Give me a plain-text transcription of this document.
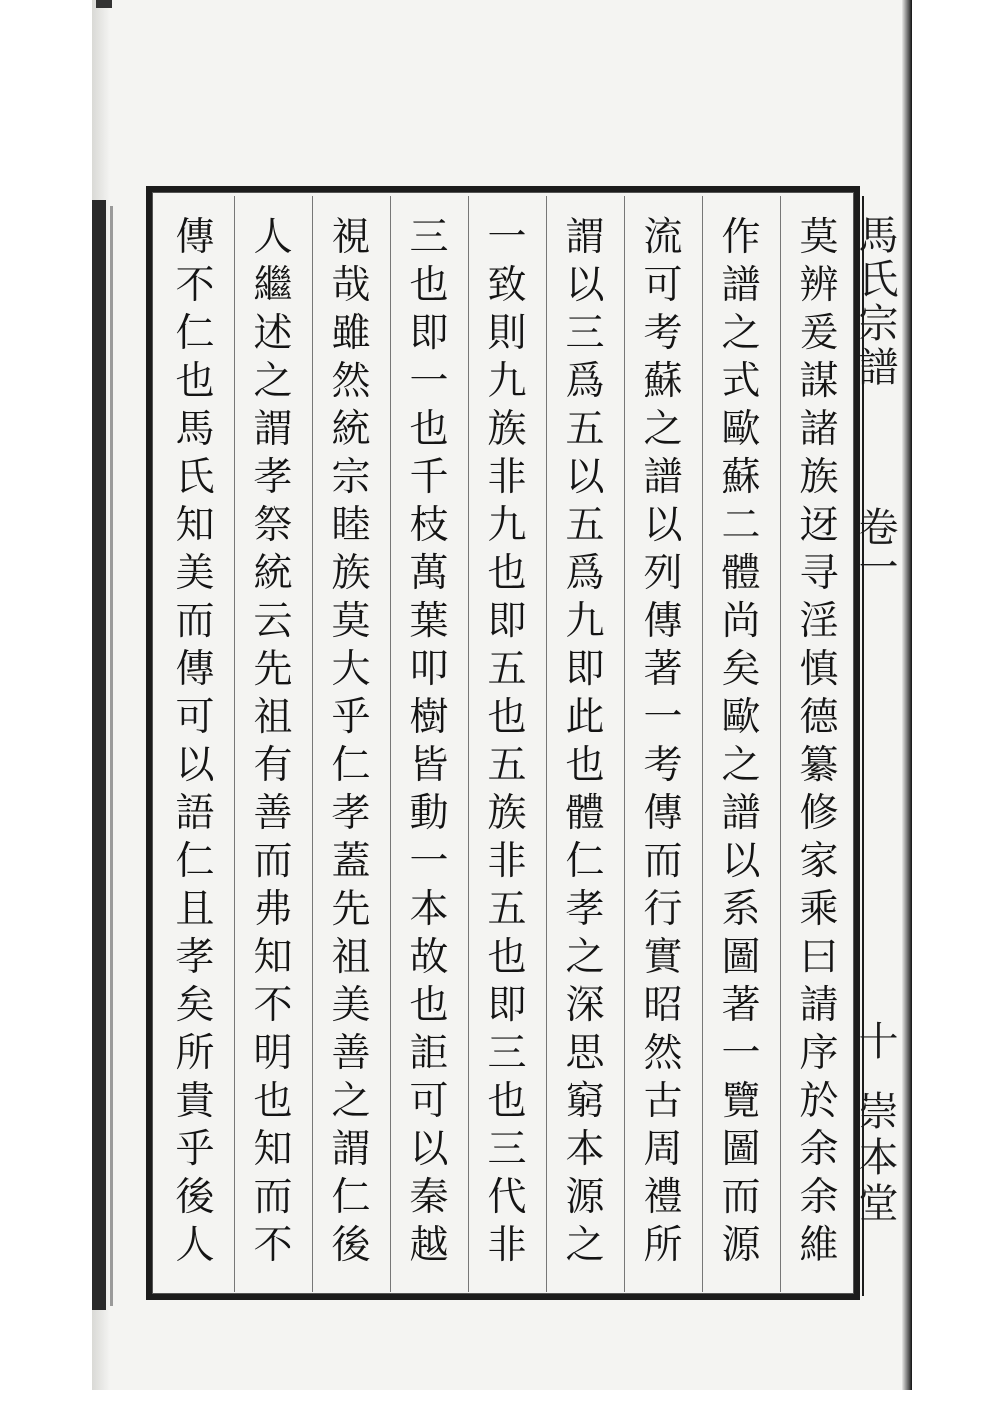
馬氏宗譜
卷一
十
崇本堂
莫
辨
爰
謀
諸
族
迓
寻
淫
慎
德
纂
修
家
乘
曰
請
序
於
余
余
維
作
譜
之
式
歐
蘇
二
體
尚
矣
歐
之
譜
以
系
圖
著
一
覽
圖
而
源
流
可
考
蘇
之
譜
以
列
傳
著
一
考
傳
而
行
實
昭
然
古
周
禮
所
謂
以
三
爲
五
以
五
爲
九
即
此
也
體
仁
孝
之
深
思
窮
本
源
之
一
致
則
九
族
非
九
也
即
五
也
五
族
非
五
也
即
三
也
三
代
非
三
也
即
一
也
千
枝
萬
葉
叩
樹
皆
動
一
本
故
也
詎
可
以
秦
越
視
哉
雖
然
統
宗
睦
族
莫
大
乎
仁
孝
蓋
先
祖
美
善
之
謂
仁
後
人
繼
述
之
謂
孝
祭
統
云
先
祖
有
善
而
弗
知
不
明
也
知
而
不
傳
不
仁
也
馬
氏
知
美
而
傳
可
以
語
仁
且
孝
矣
所
貴
乎
後
人
